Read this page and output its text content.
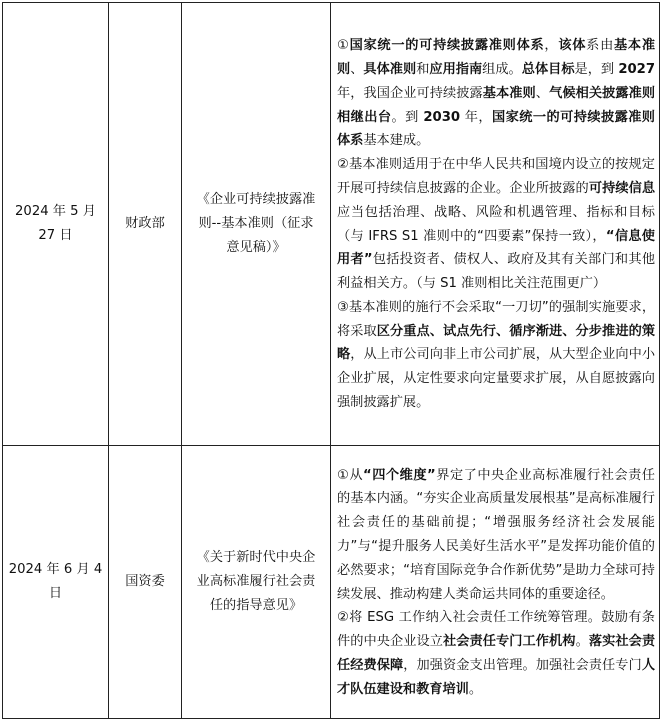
2024 年 5 月 27 日	财政部	《企业可持续披露准则--基本准则（征求意见稿）》	①国家统一的可持续披露准则体系，该体系由基本准则、具体准则和应用指南组成。总体目标是，到 2027 年，我国企业可持续披露基本准则、气候相关披露准则相继出台。到 2030 年，国家统一的可持续披露准则体系基本建成。

②基本准则适用于在中华人民共和国境内设立的按规定开展可持续信息披露的企业。企业所披露的可持续信息应当包括治理、战略、风险和机遇管理、指标和目标（与 IFRS S1 准则中的“四要素”保持一致），“信息使用者”包括投资者、债权人、政府及其有关部门和其他利益相关方。（与 S1 准则相比关注范围更广）

③基本准则的施行不会采取“一刀切”的强制实施要求，将采取区分重点、试点先行、循序渐进、分步推进的策略，从上市公司向非上市公司扩展，从大型企业向中小企业扩展，从定性要求向定量要求扩展，从自愿披露向强制披露扩展。

2024 年 6 月 4 日	国资委	《关于新时代中央企业高标准履行社会责任的指导意见》	①从“四个维度”界定了中央企业高标准履行社会责任的基本内涵。“夯实企业高质量发展根基”是高标准履行社会责任的基础前提；“增强服务经济社会发展能力”与“提升服务人民美好生活水平”是发挥功能价值的必然要求；“培育国际竞争合作新优势”是助力全球可持续发展、推动构建人类命运共同体的重要途径。

②将 ESG 工作纳入社会责任工作统筹管理。鼓励有条件的中央企业设立社会责任专门工作机构。落实社会责任经费保障，加强资金支出管理。加强社会责任专门人才队伍建设和教育培训。
